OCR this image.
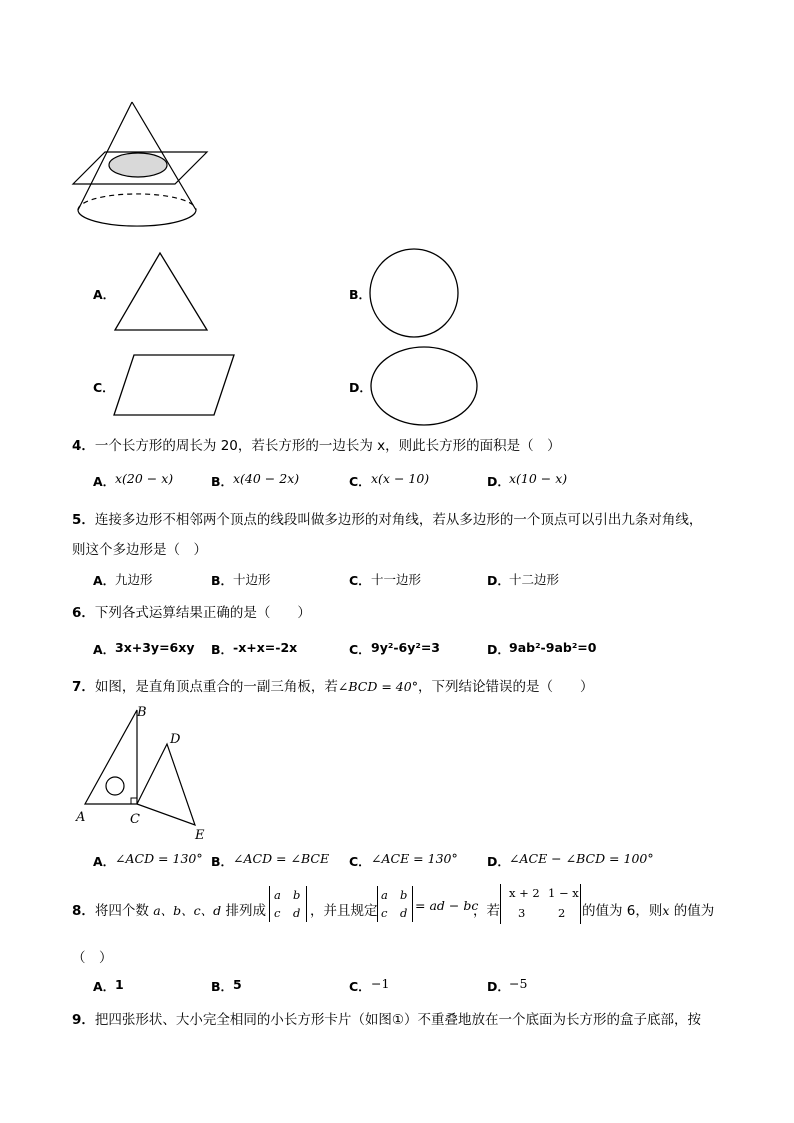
A．	B．
C．	D．
4．一个长方形的周长为 20，若长方形的一边长为 x，则此长方形的面积是（　）
A． x(20 − x)	B． x(40 − 2x)	C． x(x − 10)	D． x(10 − x)
5．连接多边形不相邻两个顶点的线段叫做多边形的对角线，若从多边形的一个顶点可以引出九条对角线，
则这个多边形是（　）
A． 九边形	B． 十边形	C． 十一边形	D． 十二边形
6．下列各式运算结果正确的是（　　）
A． 3x+3y=6xy B． -x+x=-2x	C． 9y²-6y²=3	D． 9ab²-9ab²=0
7．如图，是直角顶点重合的一副三角板，若∠BCD = 40°，下列结论错误的是（　　）
B
D
A	C
E
A． ∠ACD = 130° B． ∠ACD = ∠BCE C． ∠ACE = 130° D． ∠ACE − ∠BCD = 100°
8．将四个数 a、b、c、d 排列成
a b
c d ，并且规定
a b
c d = ad − bc
，若
x + 2 1 − x
3	2 的值为 6，则x 的值为
（　）
A． 1	B． 5	C． −1	D． −5
9．把四张形状、大小完全相同的小长方形卡片（如图①）不重叠地放在一个底面为长方形的盒子底部，按
